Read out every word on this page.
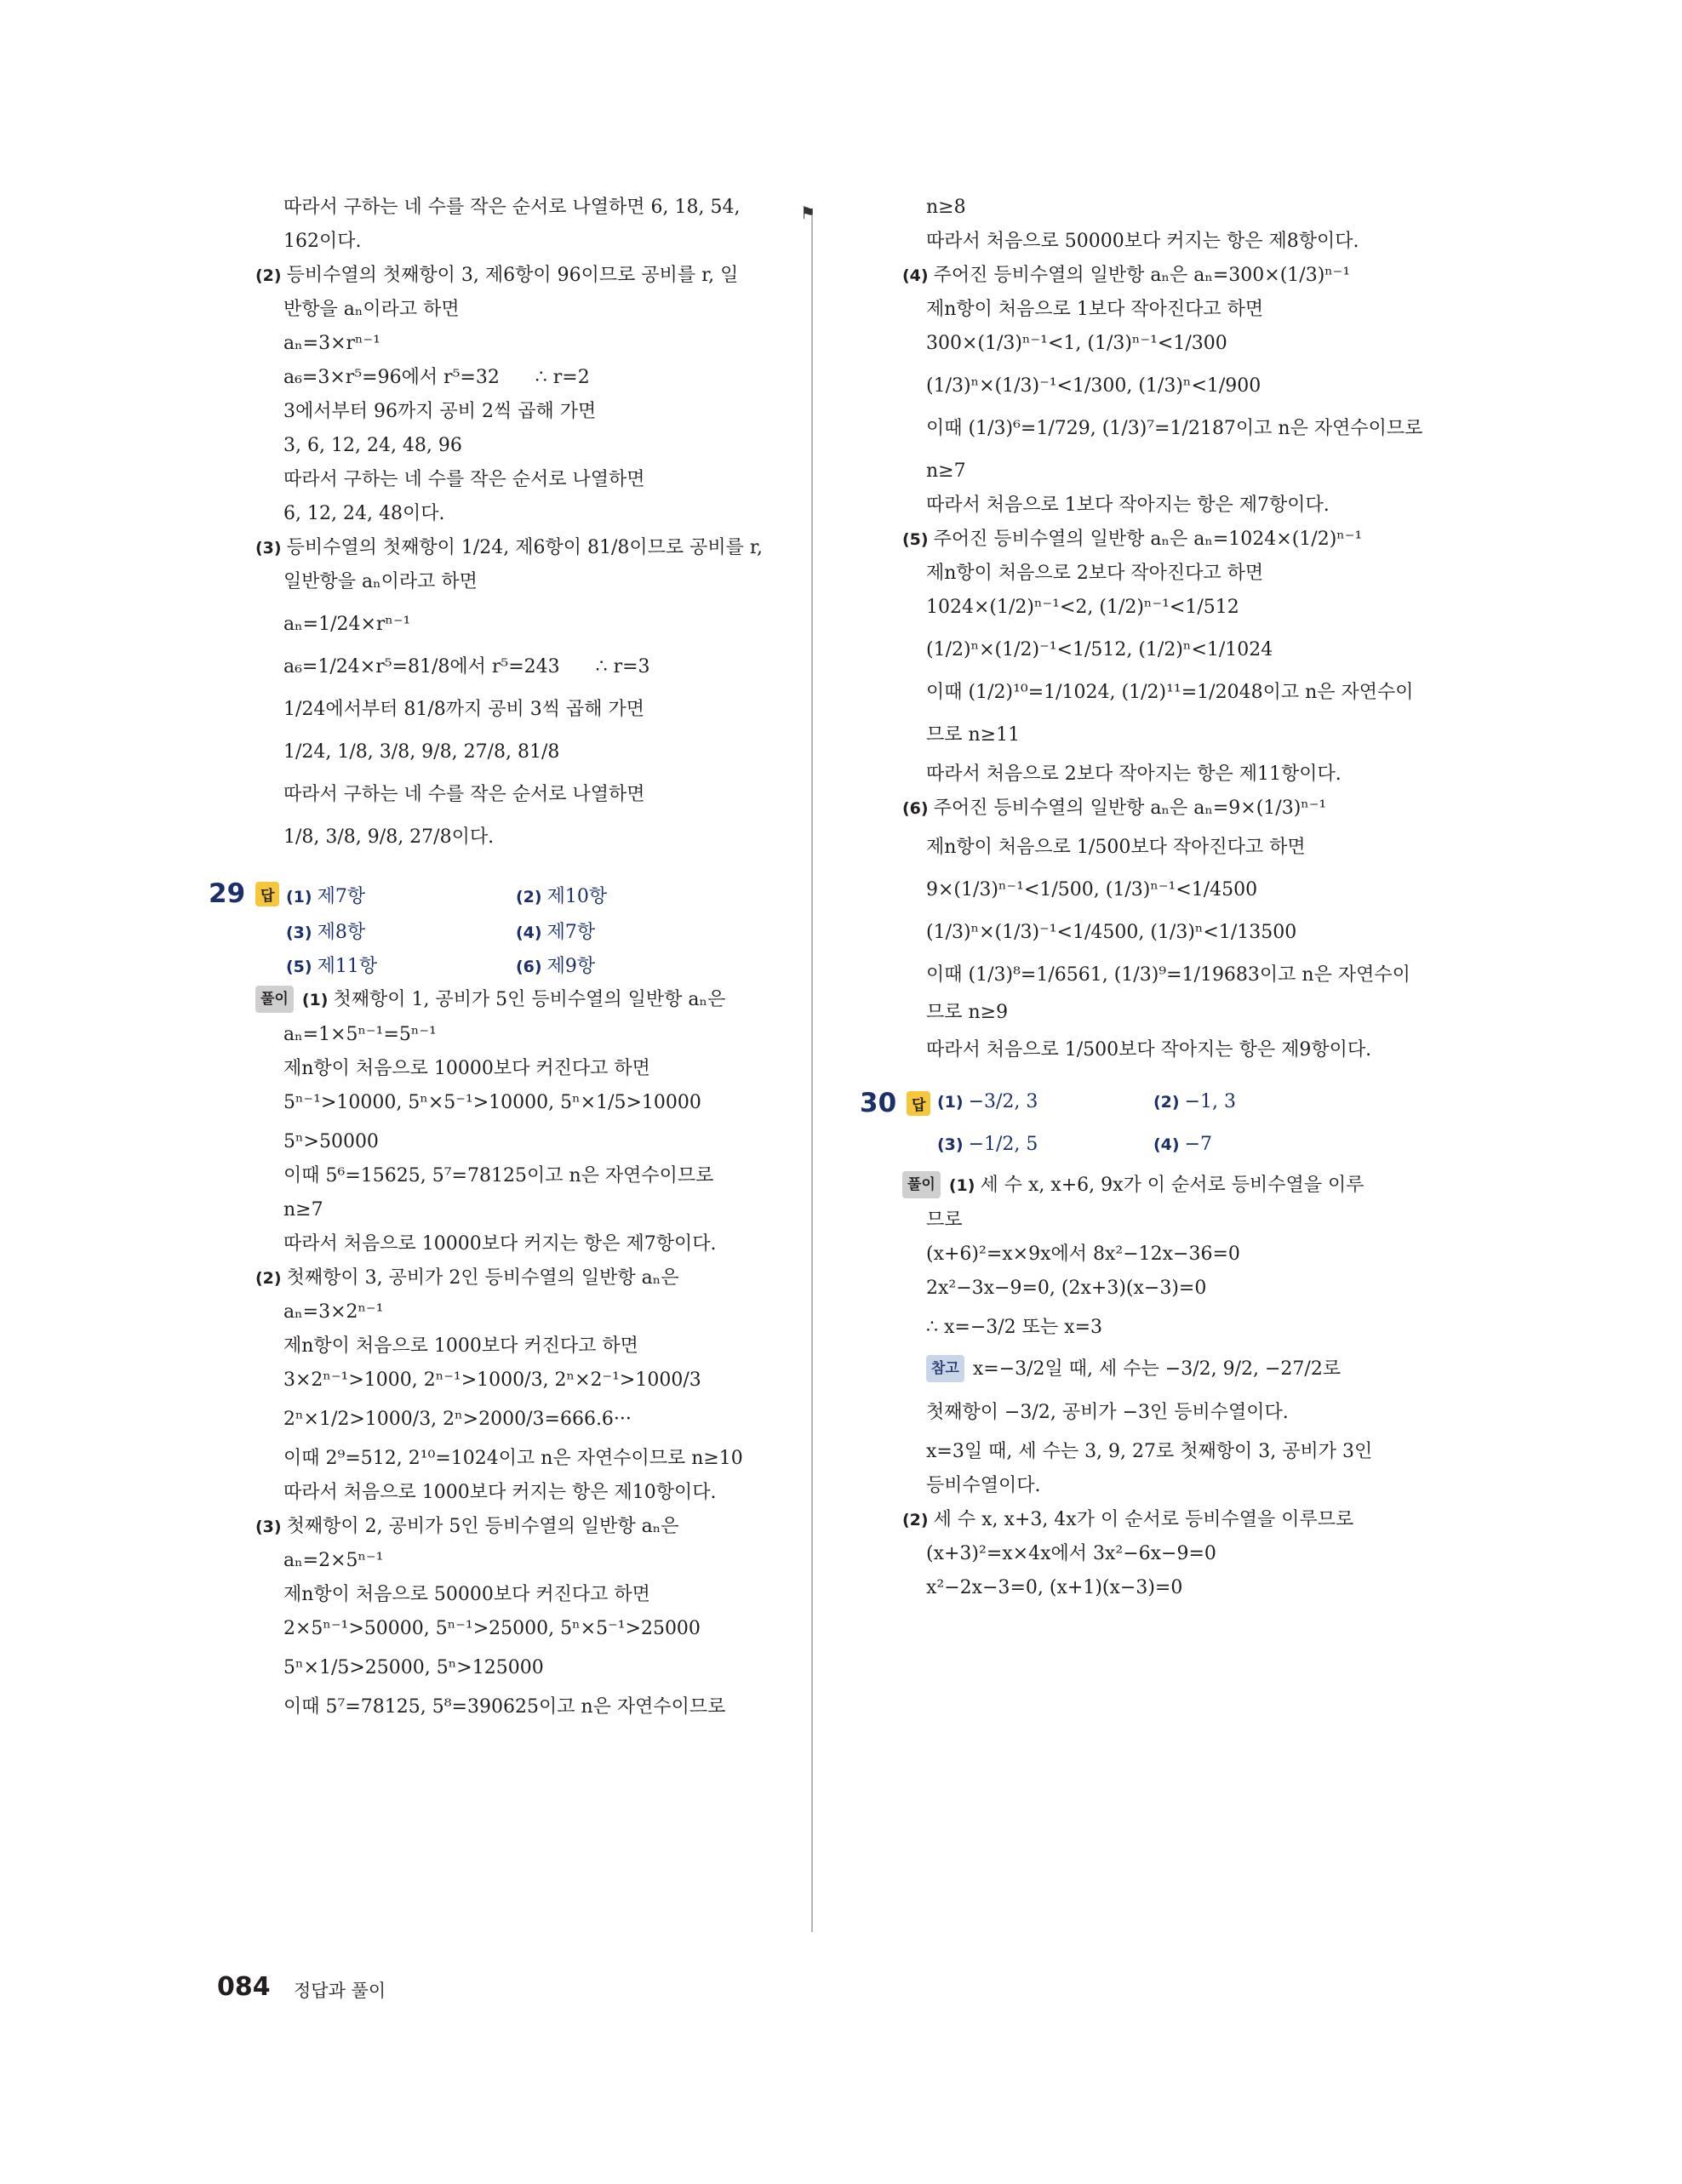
⚑
따라서 구하는 네 수를 작은 순서로 나열하면 6, 18, 54,
162이다.
(2) 등비수열의 첫째항이 3, 제6항이 96이므로 공비를 r, 일
반항을 aₙ이라고 하면
aₙ=3×rⁿ⁻¹
a₆=3×r⁵=96에서 r⁵=32      ∴ r=2
3에서부터 96까지 공비 2씩 곱해 가면
3, 6, 12, 24, 48, 96
따라서 구하는 네 수를 작은 순서로 나열하면
6, 12, 24, 48이다.
(3) 등비수열의 첫째항이 1/24, 제6항이 81/8이므로 공비를 r,
일반항을 aₙ이라고 하면
aₙ=1/24×rⁿ⁻¹
a₆=1/24×r⁵=81/8에서 r⁵=243      ∴ r=3
1/24에서부터 81/8까지 공비 3씩 곱해 가면
1/24, 1/8, 3/8, 9/8, 27/8, 81/8
따라서 구하는 네 수를 작은 순서로 나열하면
1/8, 3/8, 9/8, 27/8이다.
29	답 (1) 제7항	(2) 제10항
(3) 제8항	(4) 제7항
(5) 제11항	(6) 제9항
풀이 (1) 첫째항이 1, 공비가 5인 등비수열의 일반항 aₙ은
aₙ=1×5ⁿ⁻¹=5ⁿ⁻¹
제n항이 처음으로 10000보다 커진다고 하면
5ⁿ⁻¹>10000, 5ⁿ×5⁻¹>10000, 5ⁿ×1/5>10000
5ⁿ>50000
이때 5⁶=15625, 5⁷=78125이고 n은 자연수이므로
n≥7
따라서 처음으로 10000보다 커지는 항은 제7항이다.
(2) 첫째항이 3, 공비가 2인 등비수열의 일반항 aₙ은
aₙ=3×2ⁿ⁻¹
제n항이 처음으로 1000보다 커진다고 하면
3×2ⁿ⁻¹>1000, 2ⁿ⁻¹>1000/3, 2ⁿ×2⁻¹>1000/3
2ⁿ×1/2>1000/3, 2ⁿ>2000/3=666.6···
이때 2⁹=512, 2¹⁰=1024이고 n은 자연수이므로 n≥10
따라서 처음으로 1000보다 커지는 항은 제10항이다.
(3) 첫째항이 2, 공비가 5인 등비수열의 일반항 aₙ은
aₙ=2×5ⁿ⁻¹
제n항이 처음으로 50000보다 커진다고 하면
2×5ⁿ⁻¹>50000, 5ⁿ⁻¹>25000, 5ⁿ×5⁻¹>25000
5ⁿ×1/5>25000, 5ⁿ>125000
이때 5⁷=78125, 5⁸=390625이고 n은 자연수이므로
n≥8
따라서 처음으로 50000보다 커지는 항은 제8항이다.
(4) 주어진 등비수열의 일반항 aₙ은 aₙ=300×(1/3)ⁿ⁻¹
제n항이 처음으로 1보다 작아진다고 하면
300×(1/3)ⁿ⁻¹<1, (1/3)ⁿ⁻¹<1/300
(1/3)ⁿ×(1/3)⁻¹<1/300, (1/3)ⁿ<1/900
이때 (1/3)⁶=1/729, (1/3)⁷=1/2187이고 n은 자연수이므로
n≥7
따라서 처음으로 1보다 작아지는 항은 제7항이다.
(5) 주어진 등비수열의 일반항 aₙ은 aₙ=1024×(1/2)ⁿ⁻¹
제n항이 처음으로 2보다 작아진다고 하면
1024×(1/2)ⁿ⁻¹<2, (1/2)ⁿ⁻¹<1/512
(1/2)ⁿ×(1/2)⁻¹<1/512, (1/2)ⁿ<1/1024
이때 (1/2)¹⁰=1/1024, (1/2)¹¹=1/2048이고 n은 자연수이
므로 n≥11
따라서 처음으로 2보다 작아지는 항은 제11항이다.
(6) 주어진 등비수열의 일반항 aₙ은 aₙ=9×(1/3)ⁿ⁻¹
제n항이 처음으로 1/500보다 작아진다고 하면
9×(1/3)ⁿ⁻¹<1/500, (1/3)ⁿ⁻¹<1/4500
(1/3)ⁿ×(1/3)⁻¹<1/4500, (1/3)ⁿ<1/13500
이때 (1/3)⁸=1/6561, (1/3)⁹=1/19683이고 n은 자연수이
므로 n≥9
따라서 처음으로 1/500보다 작아지는 항은 제9항이다.
30	답 (1) −3/2, 3	(2) −1, 3
(3) −1/2, 5	(4) −7
풀이 (1) 세 수 x, x+6, 9x가 이 순서로 등비수열을 이루
므로
(x+6)²=x×9x에서 8x²−12x−36=0
2x²−3x−9=0, (2x+3)(x−3)=0
∴ x=−3/2 또는 x=3
참고 x=−3/2일 때, 세 수는 −3/2, 9/2, −27/2로
첫째항이 −3/2, 공비가 −3인 등비수열이다.
x=3일 때, 세 수는 3, 9, 27로 첫째항이 3, 공비가 3인
등비수열이다.
(2) 세 수 x, x+3, 4x가 이 순서로 등비수열을 이루므로
(x+3)²=x×4x에서 3x²−6x−9=0
x²−2x−3=0, (x+1)(x−3)=0
084 정답과 풀이
